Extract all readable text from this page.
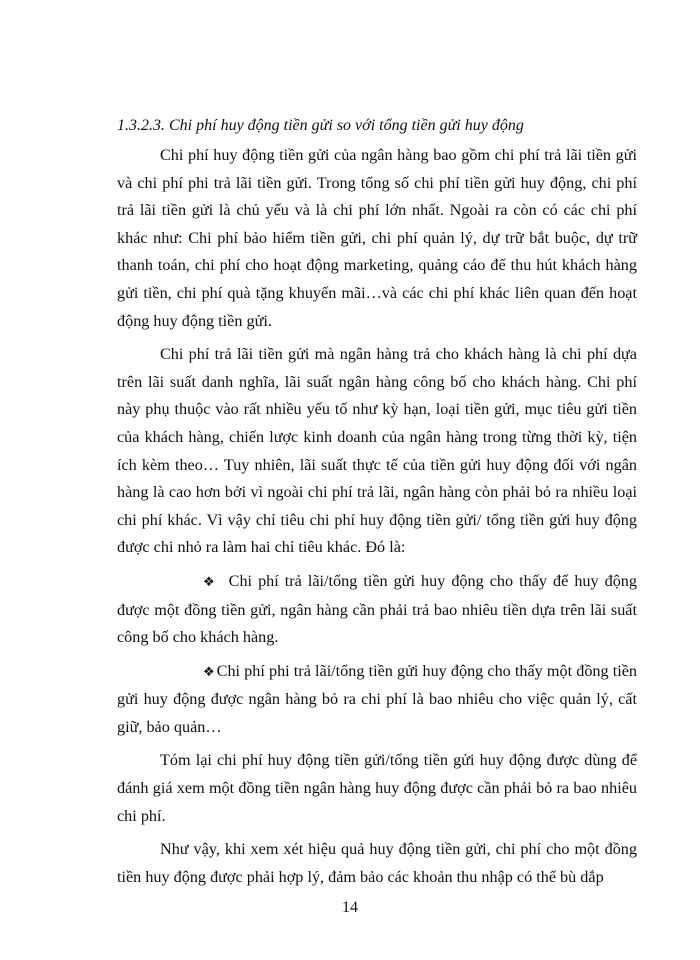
1.3.2.3. Chi phí huy động tiền gửi so với tổng tiền gửi huy động

Chi phí huy động tiền gửi của ngân hàng bao gồm chi phí trả lãi tiền gửi và chi phí phi trả lãi tiền gửi. Trong tổng số chi phí tiền gửi huy động, chi phí trả lãi tiền gửi là chủ yếu và là chi phí lớn nhất. Ngoài ra còn có các chi phí khác như: Chi phí bảo hiểm tiền gửi, chi phí quản lý, dự trữ bắt buộc, dự trữ thanh toán, chi phí cho hoạt động marketing, quảng cáo để thu hút khách hàng gửi tiền, chi phí quà tặng khuyến mãi…và các chi phí khác liên quan đến hoạt động huy động tiền gửi.

Chi phí trả lãi tiền gửi mà ngân hàng trả cho khách hàng là chi phí dựa trên lãi suất danh nghĩa, lãi suất ngân hàng công bố cho khách hàng. Chi phí này phụ thuộc vào rất nhiều yếu tố như kỳ hạn, loại tiền gửi, mục tiêu gửi tiền của khách hàng, chiến lược kinh doanh của ngân hàng trong từng thời kỳ, tiện ích kèm theo… Tuy nhiên, lãi suất thực tế của tiền gửi huy động đối với ngân hàng là cao hơn bởi vì ngoài chi phí trả lãi, ngân hàng còn phải bỏ ra nhiều loại chi phí khác. Vì vậy chỉ tiêu chi phí huy động tiền gửi/ tổng tiền gửi huy động được chi nhỏ ra làm hai chỉ tiêu khác. Đó là:

❖ Chi phí trả lãi/tổng tiền gửi huy động cho thấy để huy động được một đồng tiền gửi, ngân hàng cần phải trả bao nhiêu tiền dựa trên lãi suất công bố cho khách hàng.

❖ Chi phí phi trả lãi/tổng tiền gửi huy động cho thấy một đồng tiền gửi huy động được ngân hàng bỏ ra chi phí là bao nhiêu cho việc quản lý, cất giữ, bảo quản…

Tóm lại chi phí huy động tiền gửi/tổng tiền gửi huy động được dùng để đánh giá xem một đồng tiền ngân hàng huy động được cần phải bỏ ra bao nhiêu chi phí.

Như vậy, khi xem xét hiệu quả huy động tiền gửi, chi phí cho một đồng tiền huy động được phải hợp lý, đảm bảo các khoản thu nhập có thể bù dắp

14
